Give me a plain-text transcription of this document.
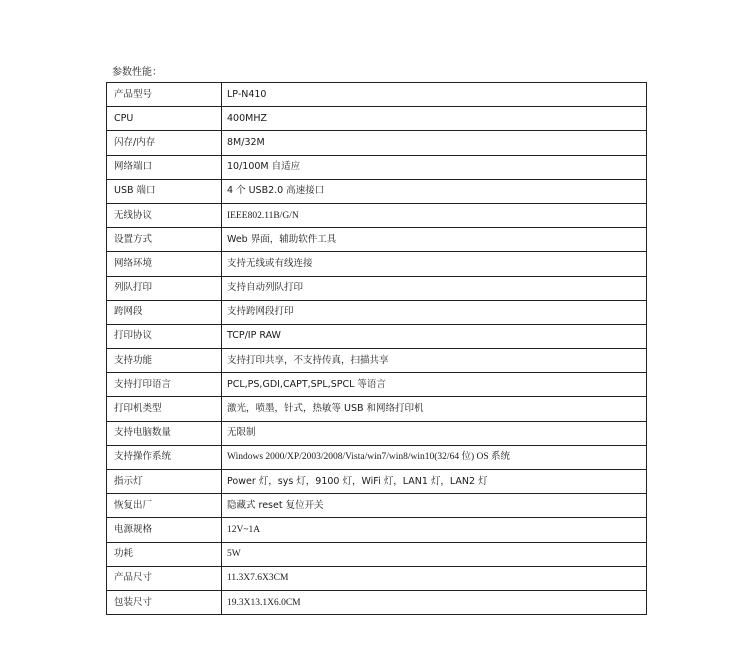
参数性能：
产品型号	LP-N410
CPU	400MHZ
闪存/内存	8M/32M
网络端口	10/100M 自适应
USB 端口	4 个 USB2.0 高速接口
无线协议	IEEE802.11B/G/N
设置方式	Web 界面，辅助软件工具
网络环境	支持无线或有线连接
列队打印	支持自动列队打印
跨网段	支持跨网段打印
打印协议	TCP/IP RAW
支持功能	支持打印共享，不支持传真，扫描共享
支持打印语言	PCL,PS,GDI,CAPT,SPL,SPCL 等语言
打印机类型	激光，喷墨，针式，热敏等 USB 和网络打印机
支持电脑数量	无限制
支持操作系统	Windows 2000/XP/2003/2008/Vista/win7/win8/win10(32/64 位) OS 系统
指示灯	Power 灯，sys 灯，9100 灯，WiFi 灯，LAN1 灯，LAN2 灯
恢复出厂	隐藏式 reset 复位开关
电源规格	12V~1A
功耗	5W
产品尺寸	11.3X7.6X3CM
包装尺寸	19.3X13.1X6.0CM
